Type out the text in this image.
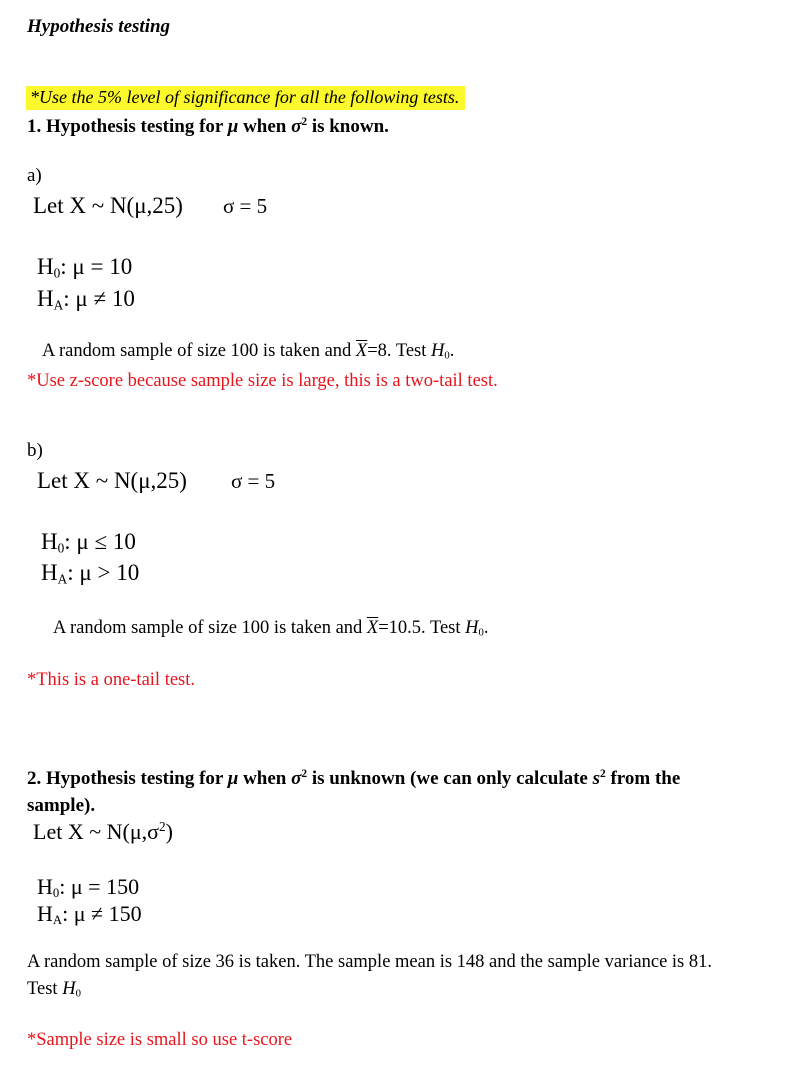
Hypothesis testing
*Use the 5% level of significance for all the following tests.
1. Hypothesis testing for μ when $\sigma^2$ is known.
a)
Let X ~ N(μ,25) σ = 5
$H_0$: μ = 10
$H_A$: μ ≠ 10
A random sample of size 100 is taken and $\overline{X}=8$. Test $H_0$.
*Use z-score because sample size is large, this is a two-tail test.
b)
Let X ~ N(μ,25) σ = 5
$H_0$: μ ≤ 10
$H_A$: μ > 10
A random sample of size 100 is taken and $\overline{X}=10.5$. Test $H_0$.
*This is a one-tail test.
2. Hypothesis testing for μ when $\sigma^2$ is unknown (we can only calculate $s^2$ from the
sample).
Let X ~ $N(\mu,\sigma^2)$
$H_0$: μ = 150
$H_A$: μ ≠ 150
A random sample of size 36 is taken. The sample mean is 148 and the sample variance is 81.
Test $H_0$
*Sample size is small so use t-score
